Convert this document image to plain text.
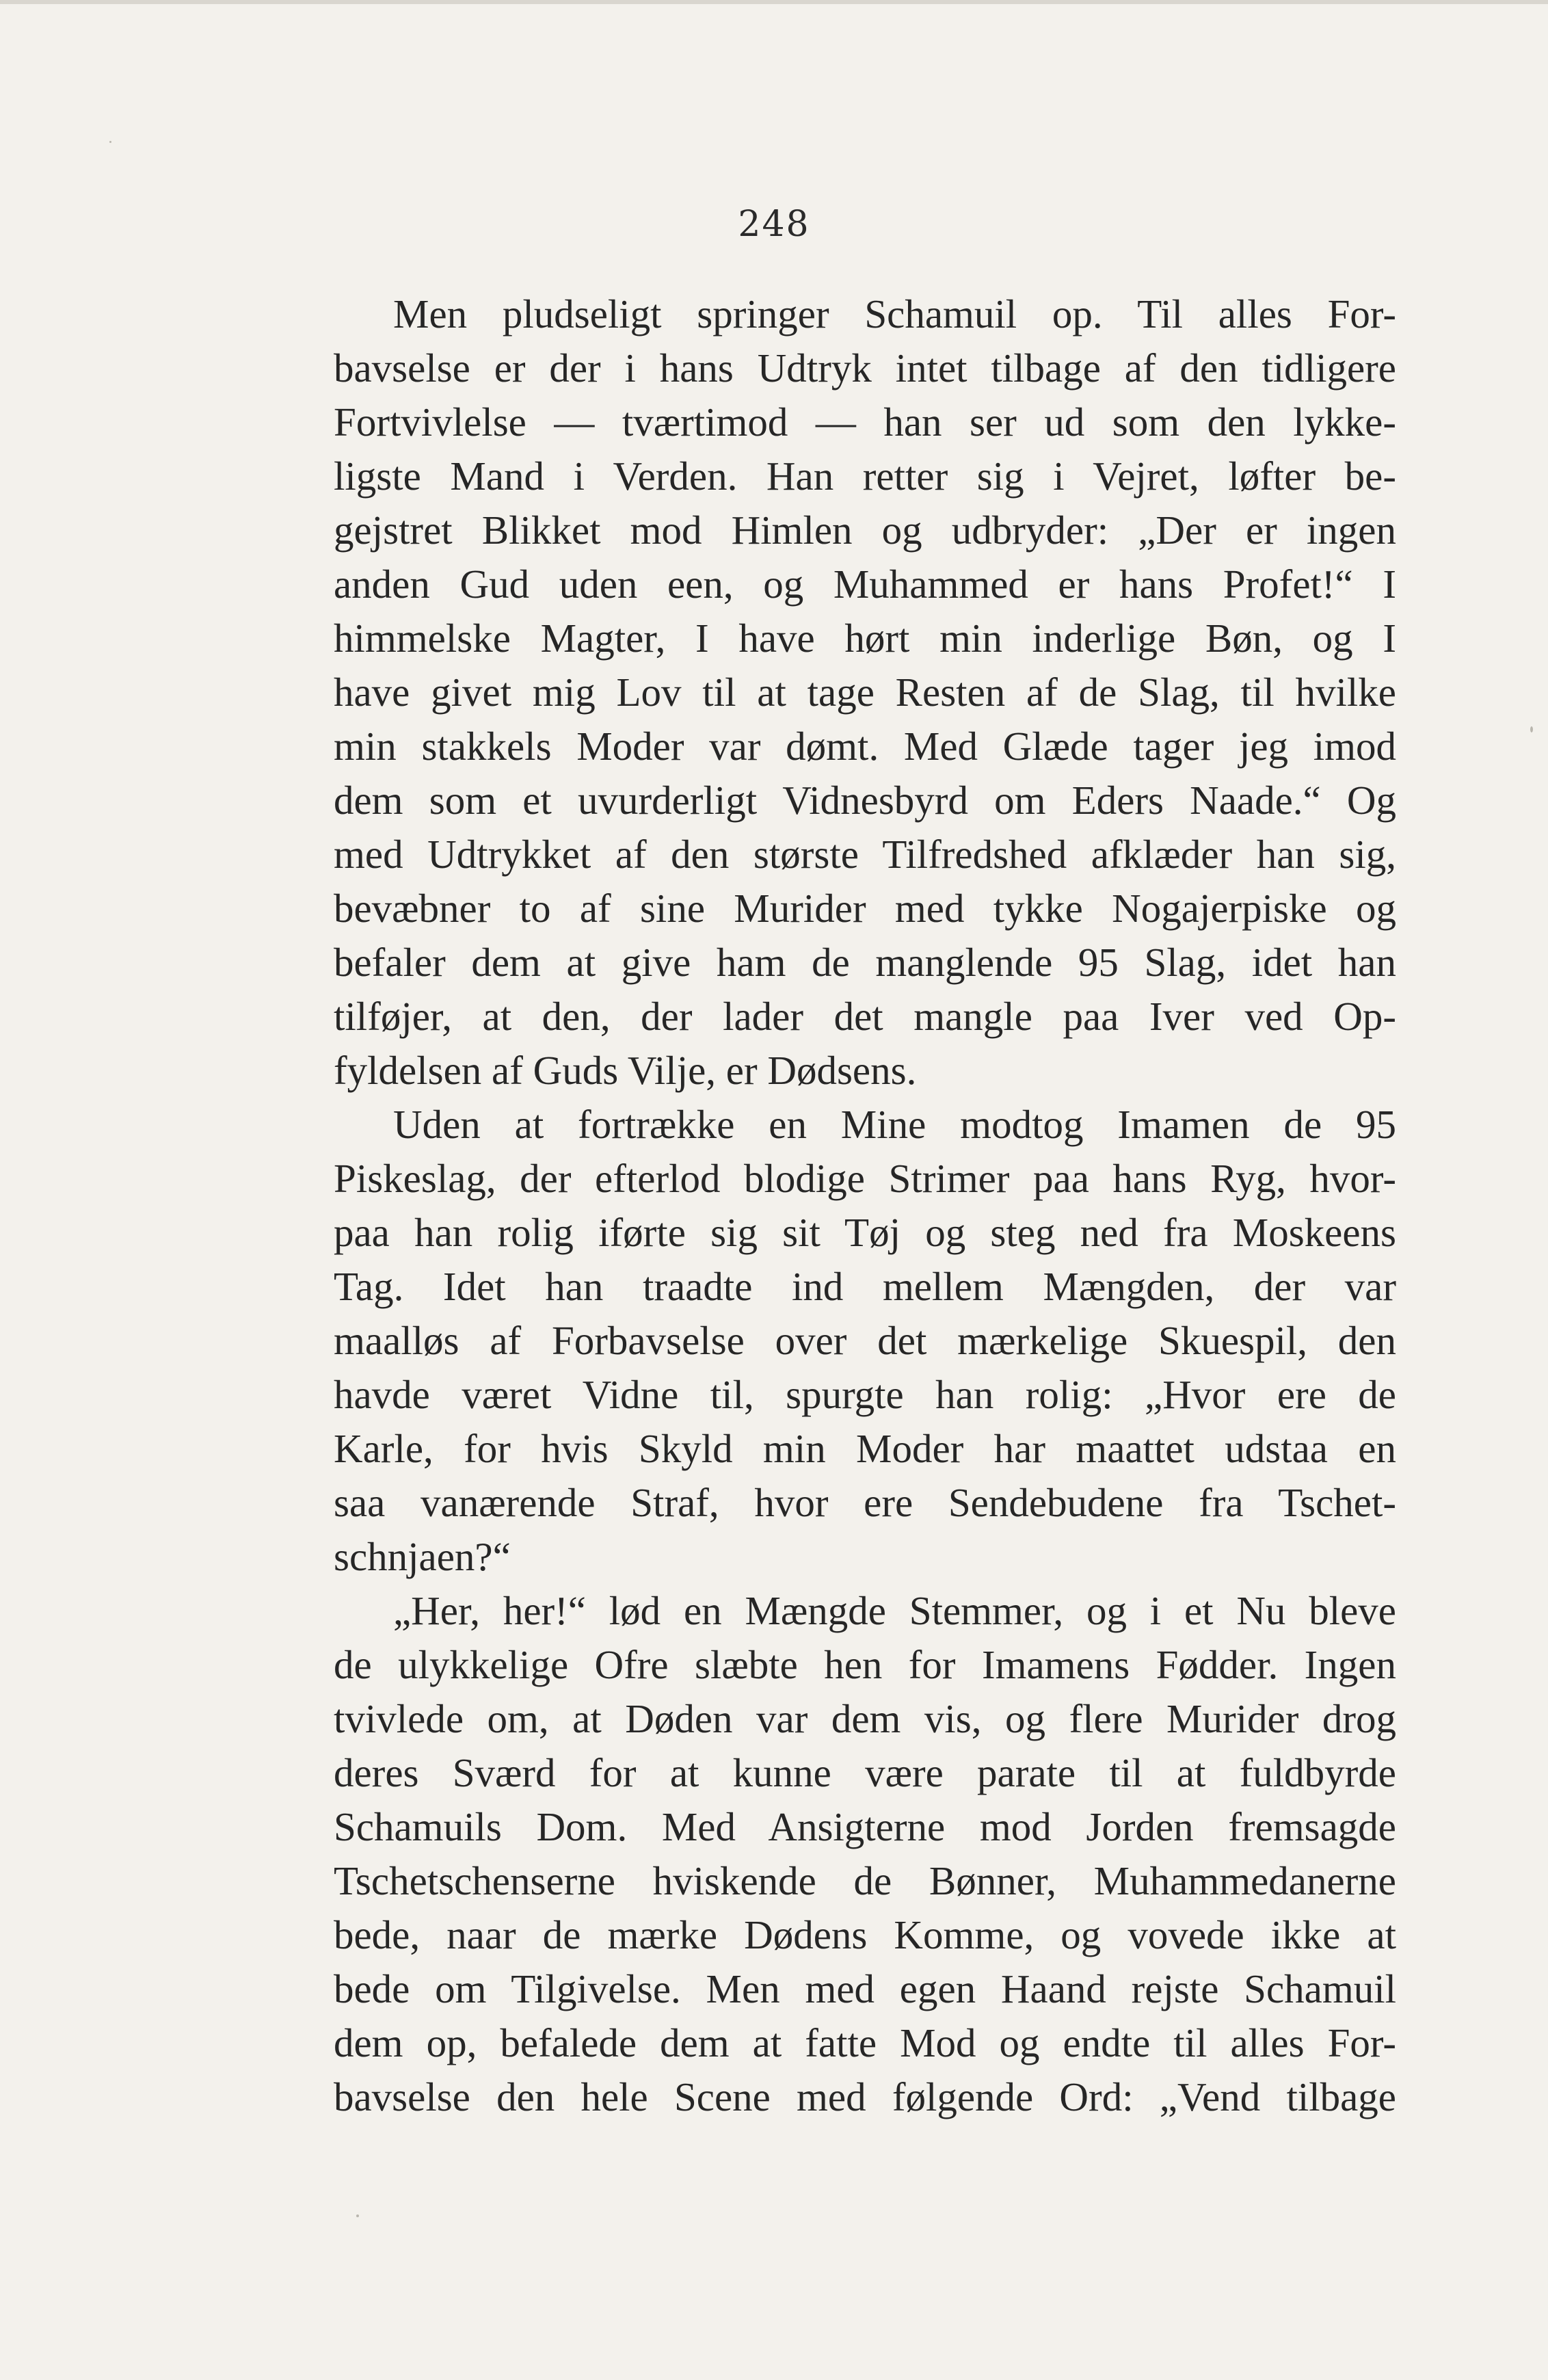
248
Men pludseligt springer Schamuil op. Til alles For-
bavselse er der i hans Udtryk intet tilbage af den tidligere
Fortvivlelse — tværtimod — han ser ud som den lykke-
ligste Mand i Verden. Han retter sig i Vejret, løfter be-
gejstret Blikket mod Himlen og udbryder: „Der er ingen
anden Gud uden een, og Muhammed er hans Profet!“ I
himmelske Magter, I have hørt min inderlige Bøn, og I
have givet mig Lov til at tage Resten af de Slag, til hvilke
min stakkels Moder var dømt. Med Glæde tager jeg imod
dem som et uvurderligt Vidnesbyrd om Eders Naade.“ Og
med Udtrykket af den største Tilfredshed afklæder han sig,
bevæbner to af sine Murider med tykke Nogajerpiske og
befaler dem at give ham de manglende 95 Slag, idet han
tilføjer, at den, der lader det mangle paa Iver ved Op-
fyldelsen af Guds Vilje, er Dødsens.
Uden at fortrække en Mine modtog Imamen de 95
Piskeslag, der efterlod blodige Strimer paa hans Ryg, hvor-
paa han rolig iførte sig sit Tøj og steg ned fra Moskeens
Tag. Idet han traadte ind mellem Mængden, der var
maalløs af Forbavselse over det mærkelige Skuespil, den
havde været Vidne til, spurgte han rolig: „Hvor ere de
Karle, for hvis Skyld min Moder har maattet udstaa en
saa vanærende Straf, hvor ere Sendebudene fra Tschet-
schnjaen?“
„Her, her!“ lød en Mængde Stemmer, og i et Nu bleve
de ulykkelige Ofre slæbte hen for Imamens Fødder. Ingen
tvivlede om, at Døden var dem vis, og flere Murider drog
deres Sværd for at kunne være parate til at fuldbyrde
Schamuils Dom. Med Ansigterne mod Jorden fremsagde
Tschetschenserne hviskende de Bønner, Muhammedanerne
bede, naar de mærke Dødens Komme, og vovede ikke at
bede om Tilgivelse. Men med egen Haand rejste Schamuil
dem op, befalede dem at fatte Mod og endte til alles For-
bavselse den hele Scene med følgende Ord: „Vend tilbage
